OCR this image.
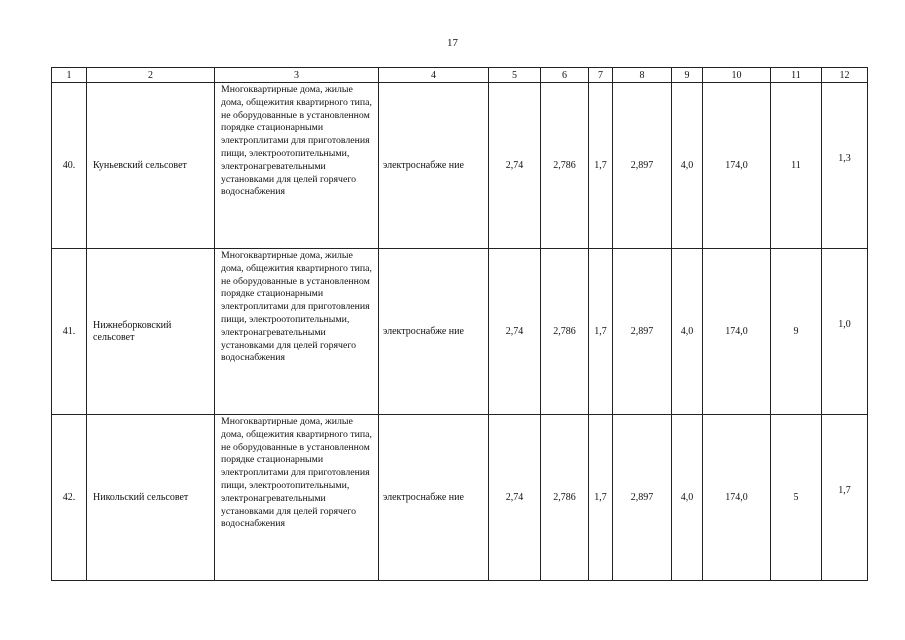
17
1	2	3	4	5	6	7	8	9	10	11	12
40.	Куньевский сельсовет	Многоквартирные дома, жилые дома, общежития квартирного типа, не оборудованные в установленном порядке стационарными электроплитами для приготовления пищи, электроотопительными, электронагревательными установками для целей горячего водоснабжения	электроснабже ние	2,74	2,786	1,7	2,897	4,0	174,0	11	1,3
41.	Нижнеборковский сельсовет	Многоквартирные дома, жилые дома, общежития квартирного типа, не оборудованные в установленном порядке стационарными электроплитами для приготовления пищи, электроотопительными, электронагревательными установками для целей горячего водоснабжения	электроснабже ние	2,74	2,786	1,7	2,897	4,0	174,0	9	1,0
42.	Никольский сельсовет	Многоквартирные дома, жилые дома, общежития квартирного типа, не оборудованные в установленном порядке стационарными электроплитами для приготовления пищи, электроотопительными, электронагревательными установками для целей горячего водоснабжения	электроснабже ние	2,74	2,786	1,7	2,897	4,0	174,0	5	1,7
